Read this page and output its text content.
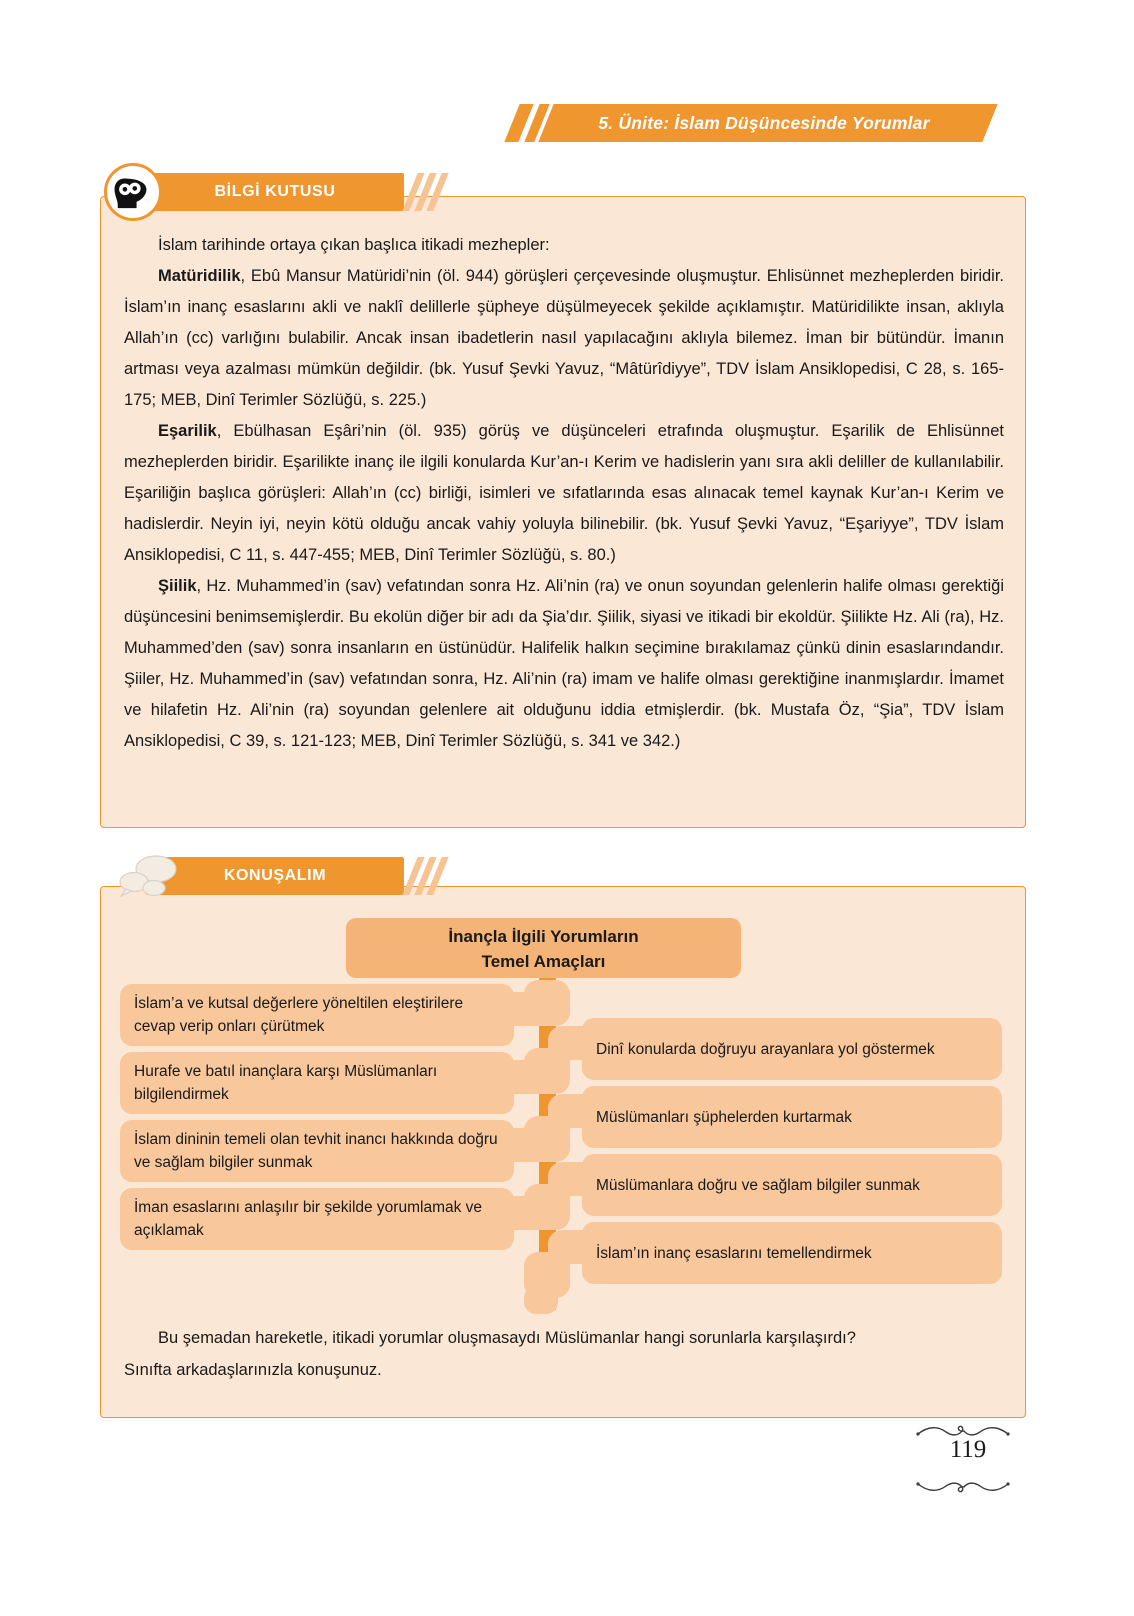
5. Ünite: İslam Düşüncesinde Yorumlar
BİLGİ KUTUSU

İslam tarihinde ortaya çıkan başlıca itikadi mezhepler:

Matüridilik, Ebû Mansur Matüridi’nin (öl. 944) görüşleri çerçevesinde oluşmuştur. Ehlisünnet mezheplerden biridir. İslam’ın inanç esaslarını akli ve naklî delillerle şüpheye düşülmeyecek şekilde açıklamıştır. Matüridilikte insan, aklıyla Allah’ın (cc) varlığını bulabilir. Ancak insan ibadetlerin nasıl yapılacağını aklıyla bilemez. İman bir bütündür. İmanın artması veya azalması mümkün değildir. (bk. Yusuf Şevki Yavuz, “Mâtürîdiyye”, TDV İslam Ansiklopedisi, C 28, s. 165-175; MEB, Dinî Terimler Sözlüğü, s. 225.)

Eşarilik, Ebülhasan Eşâri’nin (öl. 935) görüş ve düşünceleri etrafında oluşmuştur. Eşarilik de Ehlisünnet mezheplerden biridir. Eşarilikte inanç ile ilgili konularda Kur’an-ı Kerim ve hadislerin yanı sıra akli deliller de kullanılabilir. Eşariliğin başlıca görüşleri: Allah’ın (cc) birliği, isimleri ve sıfatlarında esas alınacak temel kaynak Kur’an-ı Kerim ve hadislerdir. Neyin iyi, neyin kötü olduğu ancak vahiy yoluyla bilinebilir. (bk. Yusuf Şevki Yavuz, “Eşariyye”, TDV İslam Ansiklopedisi, C 11, s. 447-455; MEB, Dinî Terimler Sözlüğü, s. 80.)

Şiilik, Hz. Muhammed’in (sav) vefatından sonra Hz. Ali’nin (ra) ve onun soyundan gelenlerin halife olması gerektiği düşüncesini benimsemişlerdir. Bu ekolün diğer bir adı da Şia’dır. Şiilik, siyasi ve itikadi bir ekoldür. Şiilikte Hz. Ali (ra), Hz. Muhammed’den (sav) sonra insanların en üstünüdür. Halifelik halkın seçimine bırakılamaz çünkü dinin esaslarındandır. Şiiler, Hz. Muhammed’in (sav) vefatından sonra, Hz. Ali’nin (ra) imam ve halife olması gerektiğine inanmışlardır. İmamet ve hilafetin Hz. Ali’nin (ra) soyundan gelenlere ait olduğunu iddia etmişlerdir. (bk. Mustafa Öz, “Şia”, TDV İslam Ansiklopedisi, C 39, s. 121-123; MEB, Dinî Terimler Sözlüğü, s. 341 ve 342.)

KONUŞALIM
İnançla İlgili Yorumların
Temel Amaçları
İslam’a ve kutsal değerlere yöneltilen eleştirilere cevap verip onları çürütmek
Hurafe ve batıl inançlara karşı Müslümanları bilgilendirmek
İslam dininin temeli olan tevhit inancı hakkında doğru ve sağlam bilgiler sunmak
İman esaslarını anlaşılır bir şekilde yorumlamak ve açıklamak
Dinî konularda doğruyu arayanlara yol göstermek
Müslümanları şüphelerden kurtarmak
Müslümanlara doğru ve sağlam bilgiler sunmak
İslam’ın inanç esaslarını temellendirmek

Bu şemadan hareketle, itikadi yorumlar oluşmasaydı Müslümanlar hangi sorunlarla karşılaşırdı?

Sınıfta arkadaşlarınızla konuşunuz.

119
